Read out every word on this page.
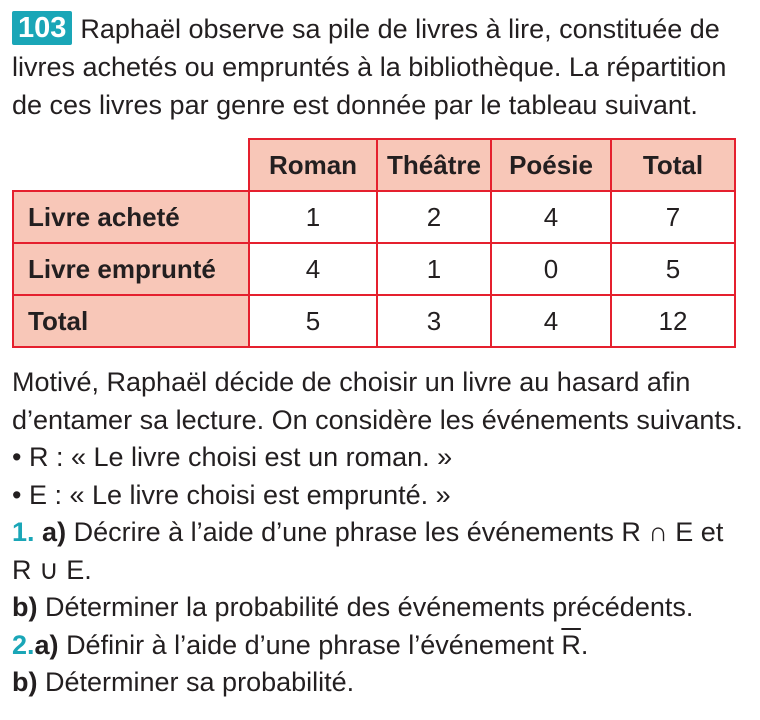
103 Raphaël observe sa pile de livres à lire, constituée de livres achetés ou empruntés à la bibliothèque. La répartition de ces livres par genre est donnée par le tableau suivant.

	Roman	Théâtre	Poésie	Total
Livre acheté	1	2	4	7
Livre emprunté	4	1	0	5
Total	5	3	4	12

Motivé, Raphaël décide de choisir un livre au hasard afin d’entamer sa lecture. On considère les événements suivants.

• R : « Le livre choisi est un roman. »

• E : « Le livre choisi est emprunté. »

1. a) Décrire à l’aide d’une phrase les événements R ∩ E et R ∪ E.

b) Déterminer la probabilité des événements précédents.

2.a) Définir à l’aide d’une phrase l’événement $\overline{R}$.

b) Déterminer sa probabilité.
